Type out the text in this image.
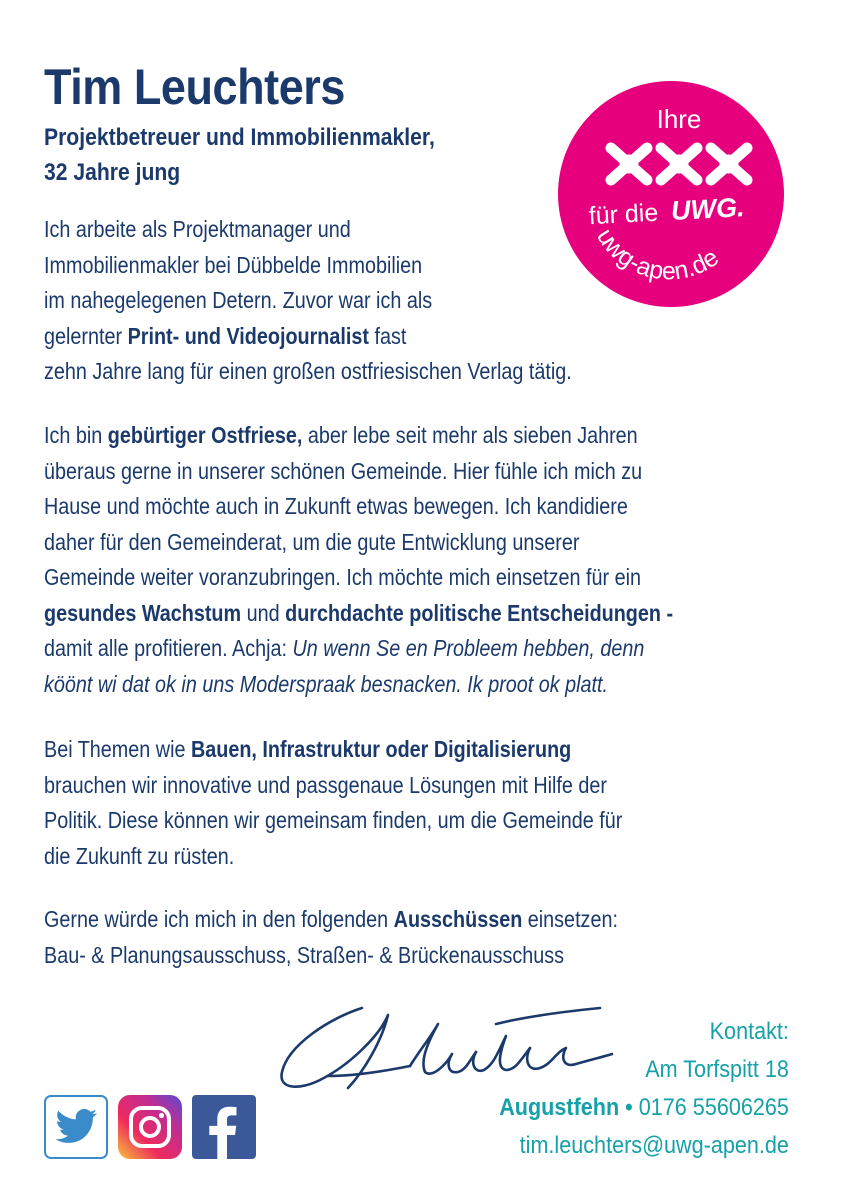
Tim Leuchters
Projektbetreuer und Immobilienmakler,
32 Jahre jung
Ihre
für die UWG.
uwg-apen.de
Ich arbeite als Projektmanager und
Immobilienmakler bei Dübbelde Immobilien
im nahegelegenen Detern. Zuvor war ich als
gelernter Print- und Videojournalist fast
zehn Jahre lang für einen großen ostfriesischen Verlag tätig.
Ich bin gebürtiger Ostfriese, aber lebe seit mehr als sieben Jahren
überaus gerne in unserer schönen Gemeinde. Hier fühle ich mich zu
Hause und möchte auch in Zukunft etwas bewegen. Ich kandidiere
daher für den Gemeinderat, um die gute Entwicklung unserer
Gemeinde weiter voranzubringen. Ich möchte mich einsetzen für ein
gesundes Wachstum und durchdachte politische Entscheidungen -
damit alle profitieren. Achja: Un wenn Se en Probleem hebben, denn
köönt wi dat ok in uns Moderspraak besnacken. Ik proot ok platt.
Bei Themen wie Bauen, Infrastruktur oder Digitalisierung
brauchen wir innovative und passgenaue Lösungen mit Hilfe der
Politik. Diese können wir gemeinsam finden, um die Gemeinde für
die Zukunft zu rüsten.
Gerne würde ich mich in den folgenden Ausschüssen einsetzen:
Bau- & Planungsausschuss, Straßen- & Brückenausschuss
Kontakt:
Am Torfspitt 18
Augustfehn • 0176 55606265
tim.leuchters@uwg-apen.de
